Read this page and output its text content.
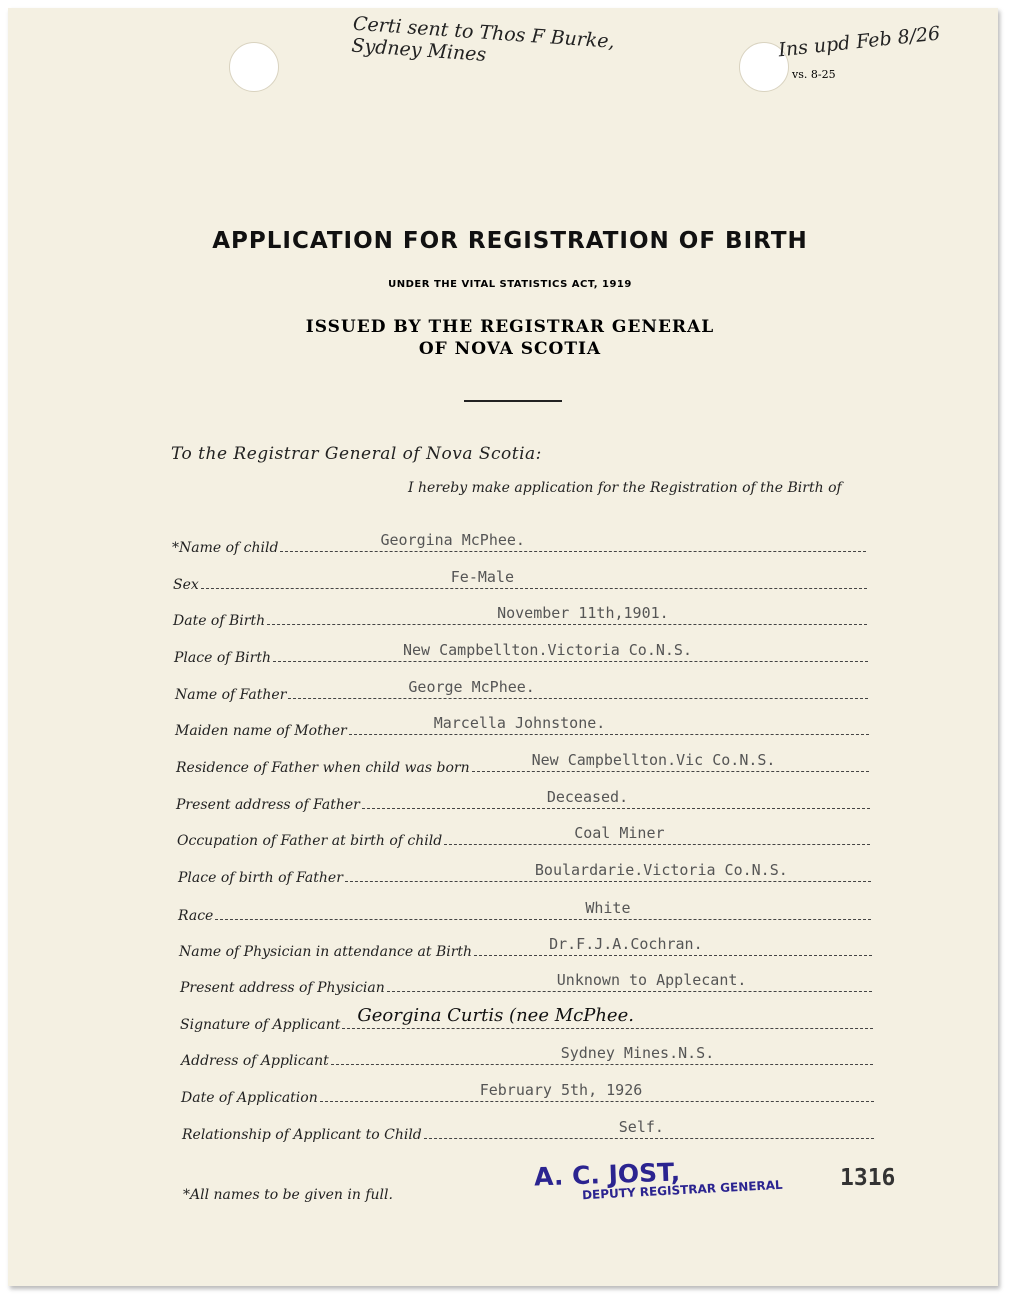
Certi sent to Thos F Burke, Sydney Mines	Ins upd Feb 8/26
vs. 8-25
APPLICATION FOR REGISTRATION OF BIRTH
UNDER THE VITAL STATISTICS ACT, 1919
ISSUED BY THE REGISTRAR GENERAL
OF NOVA SCOTIA
To the Registrar General of Nova Scotia:
I hereby make application for the Registration of the Birth of
*Name of child	Georgina McPhee.
Sex	Fe-Male
Date of Birth	November 11th,1901.
Place of Birth	New Campbellton.Victoria Co.N.S.
Name of Father	George McPhee.
Maiden name of Mother	Marcella Johnstone.
Residence of Father when child was born	New Campbellton.Vic Co.N.S.
Present address of Father	Deceased.
Occupation of Father at birth of child	Coal Miner
Place of birth of Father	Boulardarie.Victoria Co.N.S.
Race	White
Name of Physician in attendance at Birth	Dr.F.J.A.Cochran.
Present address of Physician	Unknown to Applecant.
Signature of Applicant Georgina Curtis (nee McPhee.
Address of Applicant	Sydney Mines.N.S.
Date of Application	February 5th, 1926
Relationship of Applicant to Child	Self.
*All names to be given in full.
A. C. JOST,
DEPUTY REGISTRAR GENERAL 1316
